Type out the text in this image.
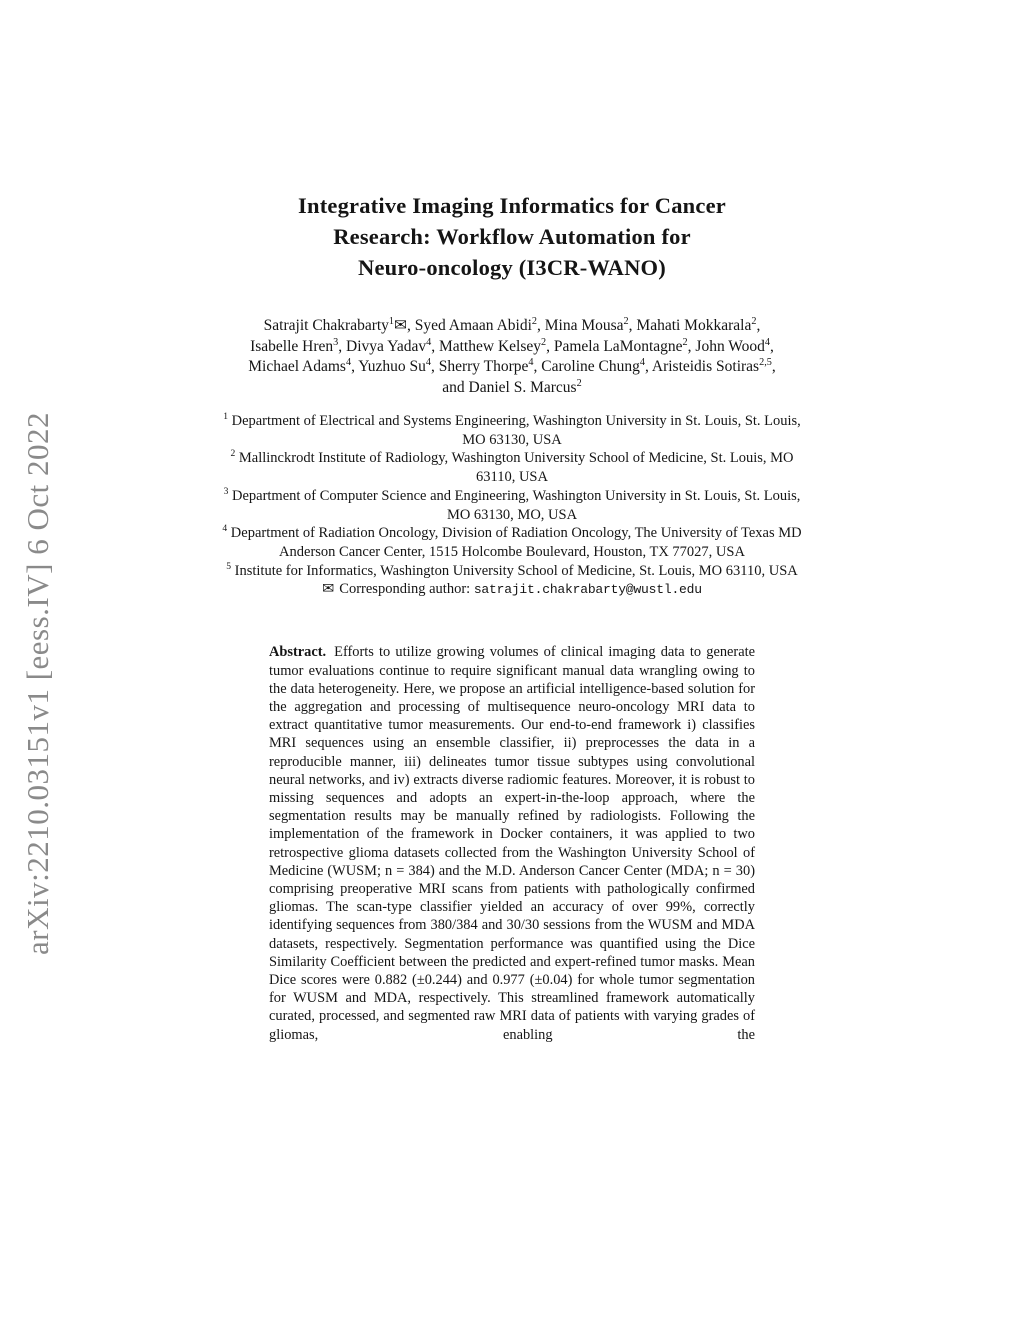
arXiv:2210.03151v1 [eess.IV] 6 Oct 2022
Integrative Imaging Informatics for Cancer
Research: Workflow Automation for
Neuro-oncology (I3CR-WANO)

Satrajit Chakrabarty$^1$✉, Syed Amaan Abidi$^2$, Mina Mousa$^2$, Mahati Mokkarala$^2$, Isabelle Hren$^3$, Divya Yadav$^4$, Matthew Kelsey$^2$, Pamela LaMontagne$^2$, John Wood$^4$, Michael Adams$^4$, Yuzhuo Su$^4$, Sherry Thorpe$^4$, Caroline Chung$^4$, Aristeidis Sotiras$^{2,5}$, and Daniel S. Marcus$^2$

$^1$ Department of Electrical and Systems Engineering, Washington University in St. Louis, St. Louis, MO 63130, USA
$^2$ Mallinckrodt Institute of Radiology, Washington University School of Medicine, St. Louis, MO 63110, USA
$^3$ Department of Computer Science and Engineering, Washington University in St. Louis, St. Louis, MO 63130, MO, USA
$^4$ Department of Radiation Oncology, Division of Radiation Oncology, The University of Texas MD Anderson Cancer Center, 1515 Holcombe Boulevard, Houston, TX 77027, USA
$^5$ Institute for Informatics, Washington University School of Medicine, St. Louis, MO 63110, USA

✉ Corresponding author: satrajit.chakrabarty@wustl.edu

Abstract. Efforts to utilize growing volumes of clinical imaging data to generate tumor evaluations continue to require significant manual data wrangling owing to the data heterogeneity. Here, we propose an artificial intelligence-based solution for the aggregation and processing of multisequence neuro-oncology MRI data to extract quantitative tumor measurements. Our end-to-end framework i) classifies MRI sequences using an ensemble classifier, ii) preprocesses the data in a reproducible manner, iii) delineates tumor tissue subtypes using convolutional neural networks, and iv) extracts diverse radiomic features. Moreover, it is robust to missing sequences and adopts an expert-in-the-loop approach, where the segmentation results may be manually refined by radiologists. Following the implementation of the framework in Docker containers, it was applied to two retrospective glioma datasets collected from the Washington University School of Medicine (WUSM; n = 384) and the M.D. Anderson Cancer Center (MDA; n = 30) comprising preoperative MRI scans from patients with pathologically confirmed gliomas. The scan-type classifier yielded an accuracy of over 99%, correctly identifying sequences from 380/384 and 30/30 sessions from the WUSM and MDA datasets, respectively. Segmentation performance was quantified using the Dice Similarity Coefficient between the predicted and expert-refined tumor masks. Mean Dice scores were 0.882 (±0.244) and 0.977 (±0.04) for whole tumor segmentation for WUSM and MDA, respectively. This streamlined framework automatically curated, processed, and segmented raw MRI data of patients with varying grades of gliomas, enabling the
